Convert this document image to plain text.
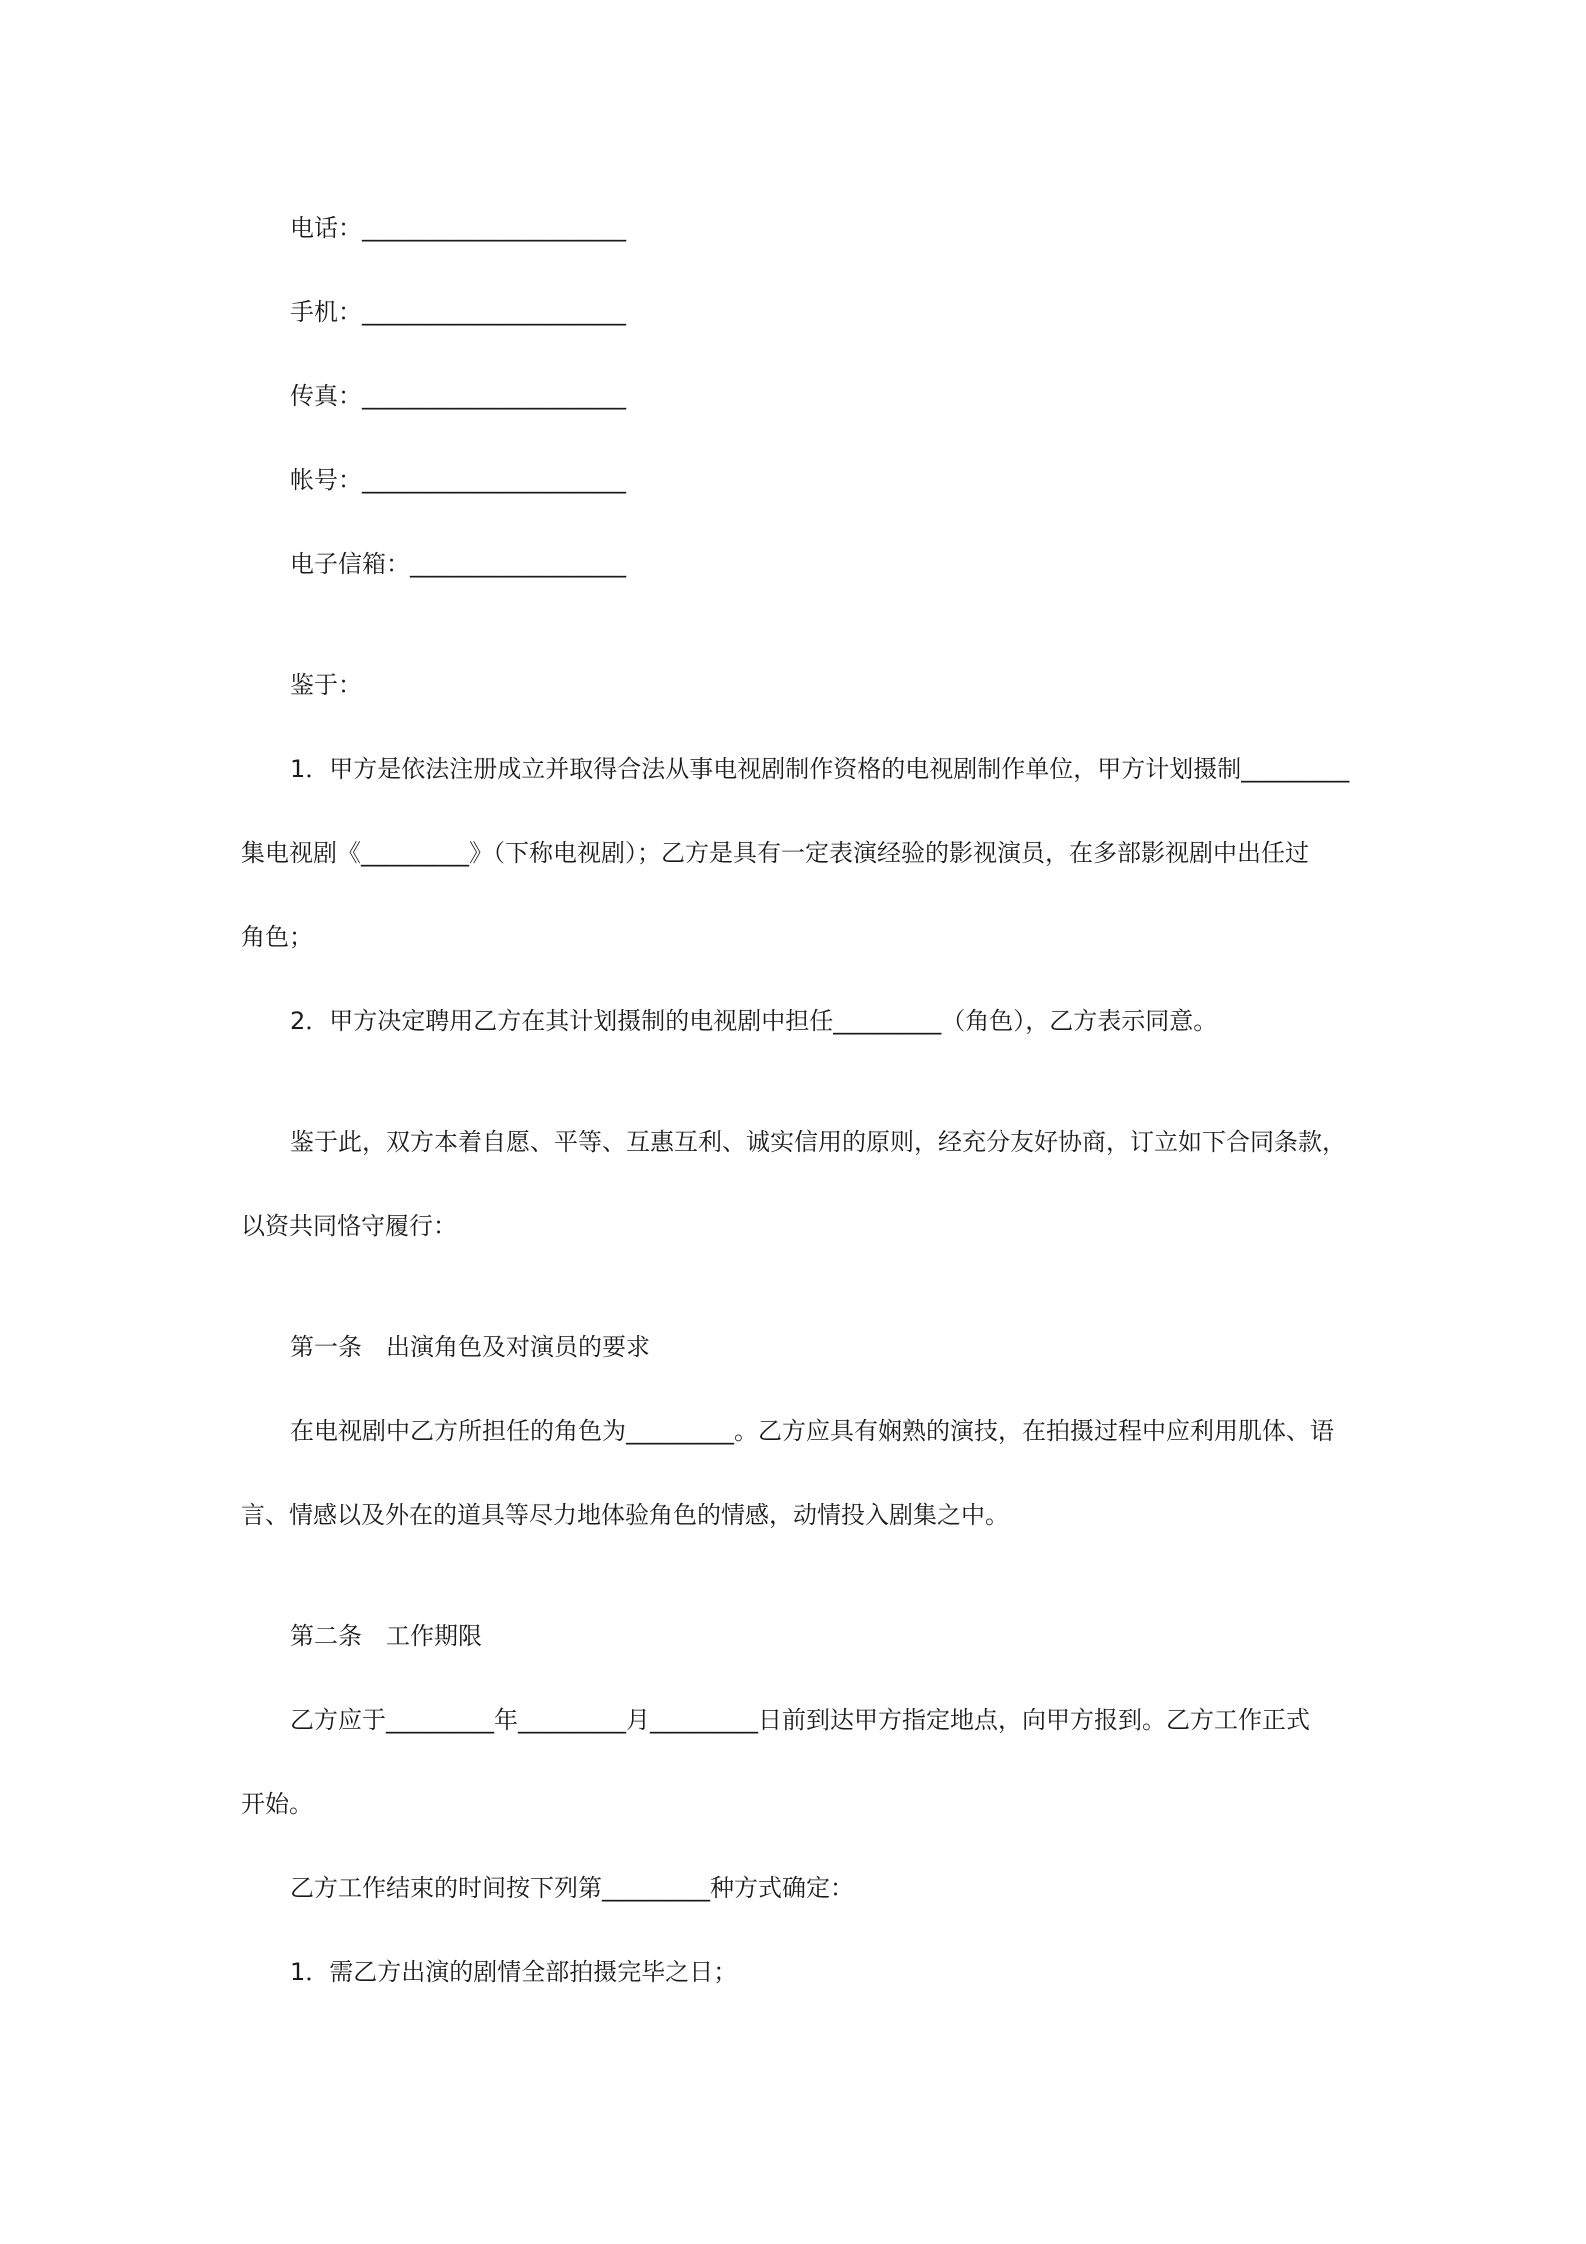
电话：______________________

手机：______________________

传真：______________________

帐号：______________________

电子信箱：__________________

鉴于：

1．甲方是依法注册成立并取得合法从事电视剧制作资格的电视剧制作单位，甲方计划摄制_________

集电视剧《_________》（下称电视剧）；乙方是具有一定表演经验的影视演员，在多部影视剧中出任过

角色；

2．甲方决定聘用乙方在其计划摄制的电视剧中担任_________（角色），乙方表示同意。

鉴于此，双方本着自愿、平等、互惠互利、诚实信用的原则，经充分友好协商，订立如下合同条款，

以资共同恪守履行：

第一条　出演角色及对演员的要求

在电视剧中乙方所担任的角色为_________。乙方应具有娴熟的演技，在拍摄过程中应利用肌体、语

言、情感以及外在的道具等尽力地体验角色的情感，动情投入剧集之中。

第二条　工作期限

乙方应于_________年_________月_________日前到达甲方指定地点，向甲方报到。乙方工作正式

开始。

乙方工作结束的时间按下列第_________种方式确定：

1．需乙方出演的剧情全部拍摄完毕之日；
